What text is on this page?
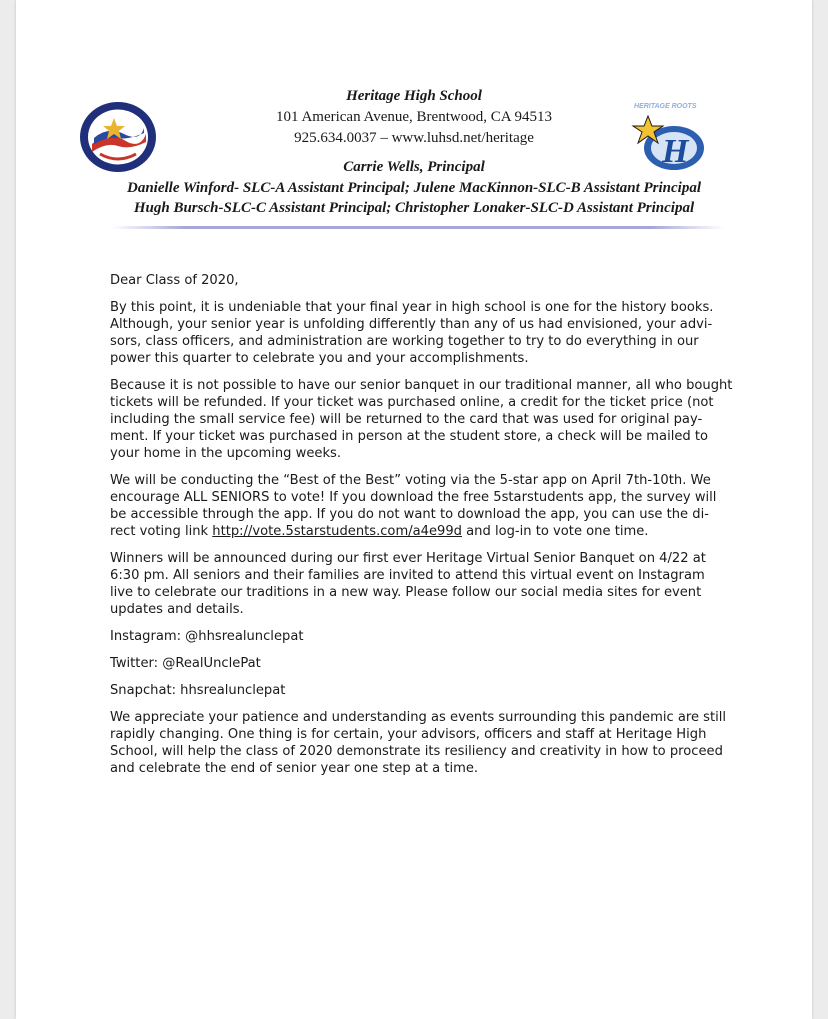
HERITAGE ROOTS
H
Heritage High School
101 American Avenue, Brentwood, CA 94513
925.634.0037 – www.luhsd.net/heritage
Carrie Wells, Principal
Danielle Winford- SLC-A Assistant Principal; Julene MacKinnon-SLC-B Assistant Principal
Hugh Bursch-SLC-C Assistant Principal; Christopher Lonaker-SLC-D Assistant Principal

Dear Class of 2020,

By this point, it is undeniable that your final year in high school is one for the history books.
Although, your senior year is unfolding differently than any of us had envisioned, your advi-
sors, class officers, and administration are working together to try to do everything in our
power this quarter to celebrate you and your accomplishments.

Because it is not possible to have our senior banquet in our traditional manner, all who bought
tickets will be refunded. If your ticket was purchased online, a credit for the ticket price (not
including the small service fee) will be returned to the card that was used for original pay-
ment. If your ticket was purchased in person at the student store, a check will be mailed to
your home in the upcoming weeks.

We will be conducting the “Best of the Best” voting via the 5-star app on April 7th-10th. We
encourage ALL SENIORS to vote! If you download the free 5starstudents app, the survey will
be accessible through the app. If you do not want to download the app, you can use the di-
rect voting link http://vote.5starstudents.com/a4e99d and log-in to vote one time.

Winners will be announced during our first ever Heritage Virtual Senior Banquet on 4/22 at
6:30 pm. All seniors and their families are invited to attend this virtual event on Instagram
live to celebrate our traditions in a new way. Please follow our social media sites for event
updates and details.

Instagram: @hhsrealunclepat

Twitter: @RealUnclePat

Snapchat: hhsrealunclepat

We appreciate your patience and understanding as events surrounding this pandemic are still
rapidly changing. One thing is for certain, your advisors, officers and staff at Heritage High
School, will help the class of 2020 demonstrate its resiliency and creativity in how to proceed
and celebrate the end of senior year one step at a time.
